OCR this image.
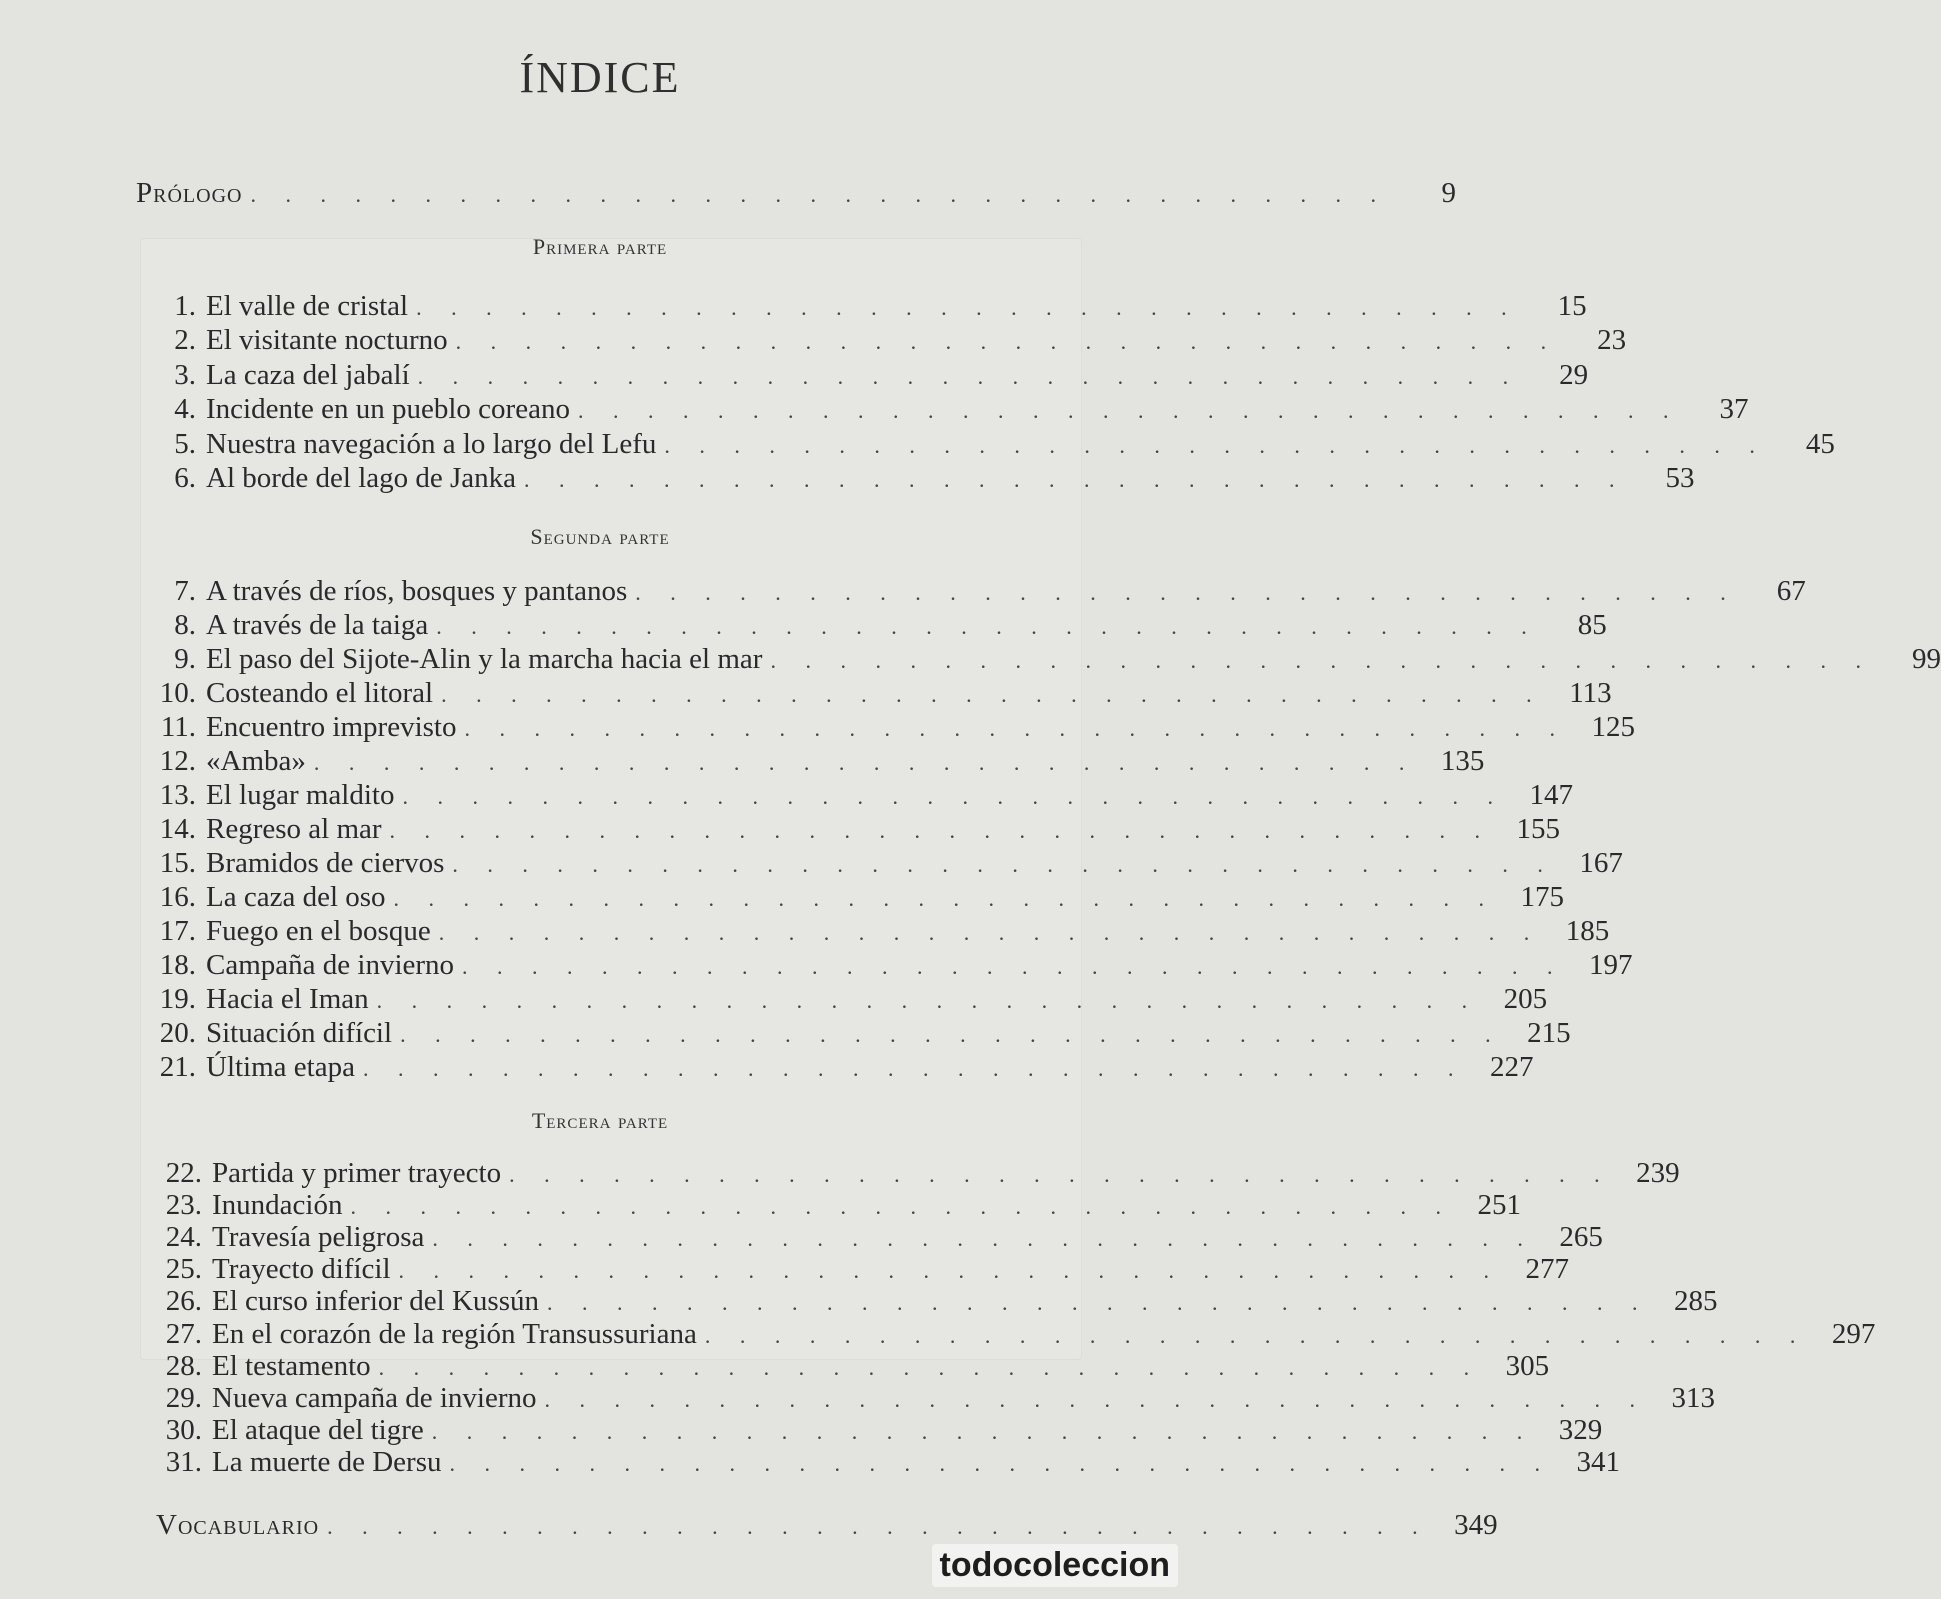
ÍNDICE
Prólogo . . . . . . . . . . . . . . . . . . . . . . . . . . . . . . . . .	9
Primera parte
1. El valle de cristal . . . . . . . . . . . . . . . . . . . . . . . . . . . . . . . .	15
2. El visitante nocturno . . . . . . . . . . . . . . . . . . . . . . . . . . . . . . . .	23
3. La caza del jabalí . . . . . . . . . . . . . . . . . . . . . . . . . . . . . . . .	29
4. Incidente en un pueblo coreano . . . . . . . . . . . . . . . . . . . . . . . . . . . . . . . .	37
5. Nuestra navegación a lo largo del Lefu . . . . . . . . . . . . . . . . . . . . . . . . . . . . . . . .	45
6. Al borde del lago de Janka . . . . . . . . . . . . . . . . . . . . . . . . . . . . . . . .	53
Segunda parte
7. A través de ríos, bosques y pantanos . . . . . . . . . . . . . . . . . . . . . . . . . . . . . . . .	67
8. A través de la taiga . . . . . . . . . . . . . . . . . . . . . . . . . . . . . . . .	85
9. El paso del Sijote-Alin y la marcha hacia el mar . . . . . . . . . . . . . . . . . . . . . . . . . . . . . . . .	99
10. Costeando el litoral . . . . . . . . . . . . . . . . . . . . . . . . . . . . . . . . 113
11. Encuentro imprevisto . . . . . . . . . . . . . . . . . . . . . . . . . . . . . . . . 125
12. «Amba» . . . . . . . . . . . . . . . . . . . . . . . . . . . . . . . . 135
13. El lugar maldito . . . . . . . . . . . . . . . . . . . . . . . . . . . . . . . . 147
14. Regreso al mar . . . . . . . . . . . . . . . . . . . . . . . . . . . . . . . . 155
15. Bramidos de ciervos . . . . . . . . . . . . . . . . . . . . . . . . . . . . . . . . 167
16. La caza del oso . . . . . . . . . . . . . . . . . . . . . . . . . . . . . . . . 175
17. Fuego en el bosque . . . . . . . . . . . . . . . . . . . . . . . . . . . . . . . . 185
18. Campaña de invierno . . . . . . . . . . . . . . . . . . . . . . . . . . . . . . . . 197
19. Hacia el Iman . . . . . . . . . . . . . . . . . . . . . . . . . . . . . . . . 205
20. Situación difícil . . . . . . . . . . . . . . . . . . . . . . . . . . . . . . . . 215
21. Última etapa . . . . . . . . . . . . . . . . . . . . . . . . . . . . . . . . 227
Tercera parte
22. Partida y primer trayecto . . . . . . . . . . . . . . . . . . . . . . . . . . . . . . . . 239
23. Inundación . . . . . . . . . . . . . . . . . . . . . . . . . . . . . . . . 251
24. Travesía peligrosa . . . . . . . . . . . . . . . . . . . . . . . . . . . . . . . . 265
25. Trayecto difícil . . . . . . . . . . . . . . . . . . . . . . . . . . . . . . . . 277
26. El curso inferior del Kussún . . . . . . . . . . . . . . . . . . . . . . . . . . . . . . . . 285
27. En el corazón de la región Transussuriana . . . . . . . . . . . . . . . . . . . . . . . . . . . . . . . . 297
28. El testamento . . . . . . . . . . . . . . . . . . . . . . . . . . . . . . . . 305
29. Nueva campaña de invierno . . . . . . . . . . . . . . . . . . . . . . . . . . . . . . . . 313
30. El ataque del tigre . . . . . . . . . . . . . . . . . . . . . . . . . . . . . . . . 329
31. La muerte de Dersu . . . . . . . . . . . . . . . . . . . . . . . . . . . . . . . . 341
Vocabulario . . . . . . . . . . . . . . . . . . . . . . . . . . . . . . . . 349
todocoleccion
